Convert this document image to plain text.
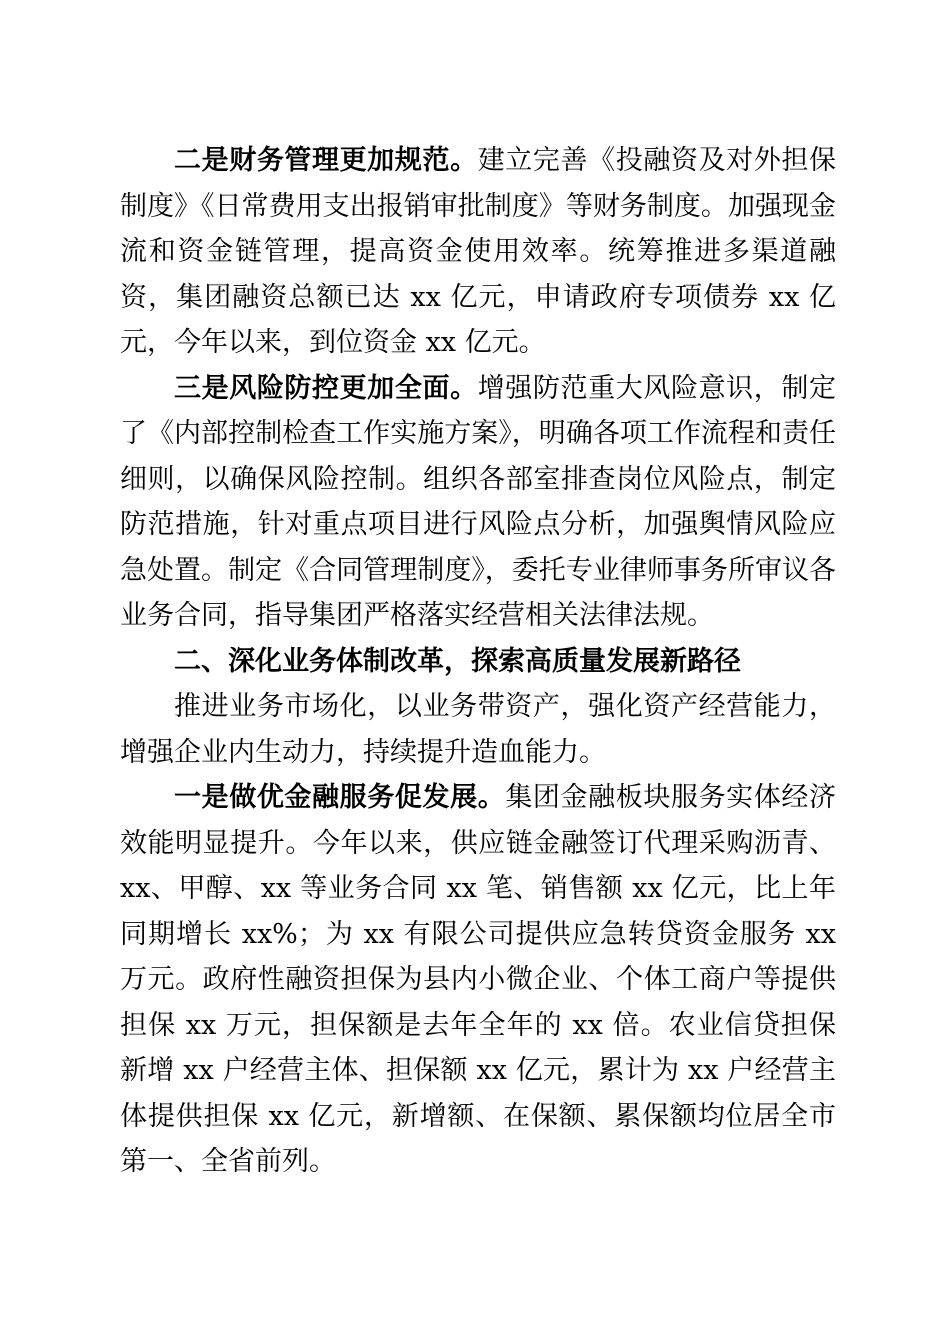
二是财务管理更加规范。建立完善《投融资及对外担保制度》《日常费用支出报销审批制度》等财务制度。加强现金流和资金链管理，提高资金使用效率。统筹推进多渠道融资，集团融资总额已达 xx 亿元，申请政府专项债券 xx 亿元，今年以来，到位资金 xx 亿元。

三是风险防控更加全面。增强防范重大风险意识，制定了《内部控制检查工作实施方案》，明确各项工作流程和责任细则，以确保风险控制。组织各部室排查岗位风险点，制定防范措施，针对重点项目进行风险点分析，加强舆情风险应急处置。制定《合同管理制度》，委托专业律师事务所审议各业务合同，指导集团严格落实经营相关法律法规。

二、深化业务体制改革，探索高质量发展新路径

推进业务市场化，以业务带资产，强化资产经营能力，增强企业内生动力，持续提升造血能力。

一是做优金融服务促发展。集团金融板块服务实体经济效能明显提升。今年以来，供应链金融签订代理采购沥青、xx、甲醇、xx 等业务合同 xx 笔、销售额 xx 亿元，比上年同期增长 xx%；为 xx 有限公司提供应急转贷资金服务 xx 万元。政府性融资担保为县内小微企业、个体工商户等提供担保 xx 万元，担保额是去年全年的 xx 倍。农业信贷担保新增 xx 户经营主体、担保额 xx 亿元，累计为 xx 户经营主体提供担保 xx 亿元，新增额、在保额、累保额均位居全市第一、全省前列。
